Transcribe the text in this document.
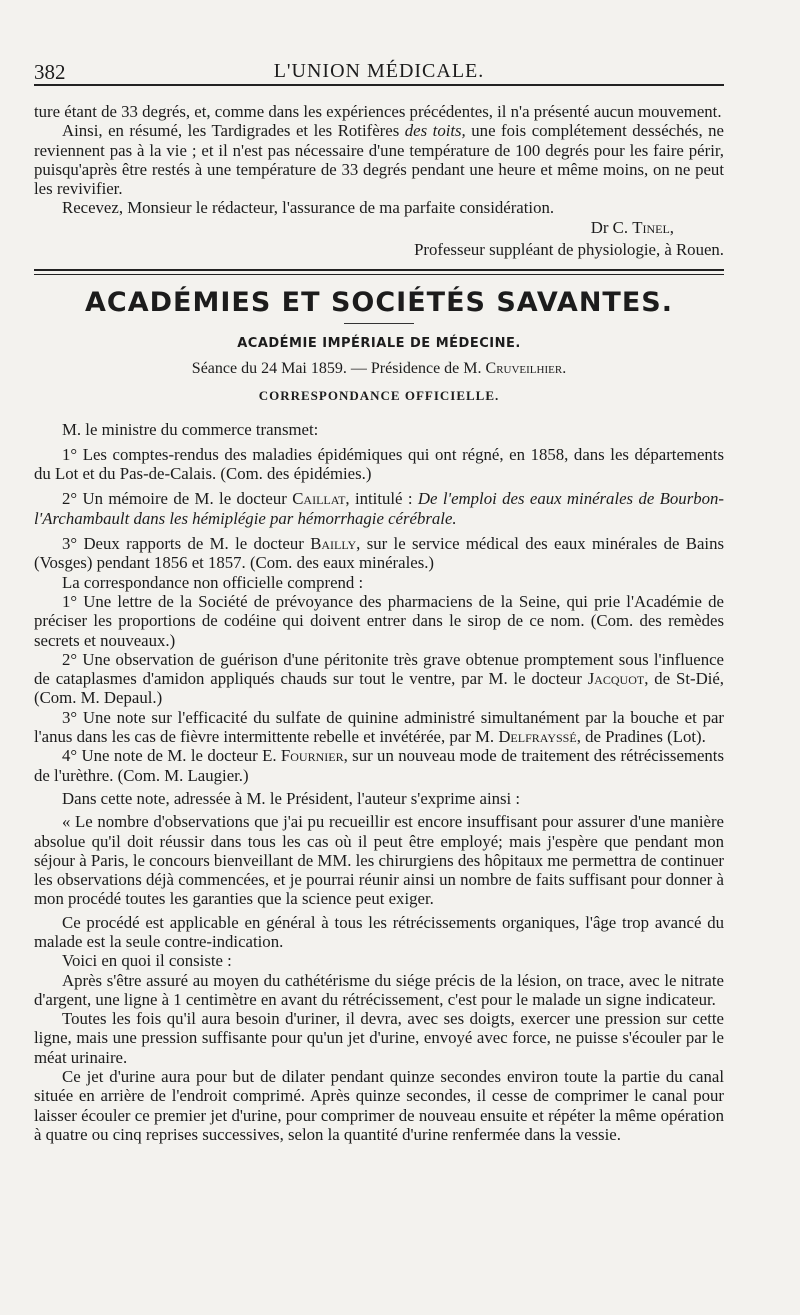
382	L'UNION MÉDICALE.

ture étant de 33 degrés, et, comme dans les expériences précédentes, il n'a présenté aucun mouvement.

Ainsi, en résumé, les Tardigrades et les Rotifères des toits, une fois complétement desséchés, ne reviennent pas à la vie ; et il n'est pas nécessaire d'une température de 100 degrés pour les faire périr, puisqu'après être restés à une température de 33 degrés pendant une heure et même moins, on ne peut les revivifier.

Recevez, Monsieur le rédacteur, l'assurance de ma parfaite considération.

Dr C. Tinel,

Professeur suppléant de physiologie, à Rouen.

ACADÉMIES ET SOCIÉTÉS SAVANTES.
ACADÉMIE IMPÉRIALE DE MÉDECINE.
Séance du 24 Mai 1859. — Présidence de M. Cruveilhier.
CORRESPONDANCE OFFICIELLE.

M. le ministre du commerce transmet:

1° Les comptes-rendus des maladies épidémiques qui ont régné, en 1858, dans les départements du Lot et du Pas-de-Calais. (Com. des épidémies.)

2° Un mémoire de M. le docteur Caillat, intitulé : De l'emploi des eaux minérales de Bourbon-l'Archambault dans les hémiplégie par hémorrhagie cérébrale.

3° Deux rapports de M. le docteur Bailly, sur le service médical des eaux minérales de Bains (Vosges) pendant 1856 et 1857. (Com. des eaux minérales.)

La correspondance non officielle comprend :

1° Une lettre de la Société de prévoyance des pharmaciens de la Seine, qui prie l'Académie de préciser les proportions de codéine qui doivent entrer dans le sirop de ce nom. (Com. des remèdes secrets et nouveaux.)

2° Une observation de guérison d'une péritonite très grave obtenue promptement sous l'influence de cataplasmes d'amidon appliqués chauds sur tout le ventre, par M. le docteur Jacquot, de St-Dié, (Com. M. Depaul.)

3° Une note sur l'efficacité du sulfate de quinine administré simultanément par la bouche et par l'anus dans les cas de fièvre intermittente rebelle et invétérée, par M. Delfrayssé, de Pradines (Lot).

4° Une note de M. le docteur E. Fournier, sur un nouveau mode de traitement des rétrécissements de l'urèthre. (Com. M. Laugier.)

Dans cette note, adressée à M. le Président, l'auteur s'exprime ainsi :

« Le nombre d'observations que j'ai pu recueillir est encore insuffisant pour assurer d'une manière absolue qu'il doit réussir dans tous les cas où il peut être employé; mais j'espère que pendant mon séjour à Paris, le concours bienveillant de MM. les chirurgiens des hôpitaux me permettra de continuer les observations déjà commencées, et je pourrai réunir ainsi un nombre de faits suffisant pour donner à mon procédé toutes les garanties que la science peut exiger.

Ce procédé est applicable en général à tous les rétrécissements organiques, l'âge trop avancé du malade est la seule contre-indication.

Voici en quoi il consiste :

Après s'être assuré au moyen du cathétérisme du siége précis de la lésion, on trace, avec le nitrate d'argent, une ligne à 1 centimètre en avant du rétrécissement, c'est pour le malade un signe indicateur.

Toutes les fois qu'il aura besoin d'uriner, il devra, avec ses doigts, exercer une pression sur cette ligne, mais une pression suffisante pour qu'un jet d'urine, envoyé avec force, ne puisse s'écouler par le méat urinaire.

Ce jet d'urine aura pour but de dilater pendant quinze secondes environ toute la partie du canal située en arrière de l'endroit comprimé. Après quinze secondes, il cesse de comprimer le canal pour laisser écouler ce premier jet d'urine, pour comprimer de nouveau ensuite et répéter la même opération à quatre ou cinq reprises successives, selon la quantité d'urine renfermée dans la vessie.
